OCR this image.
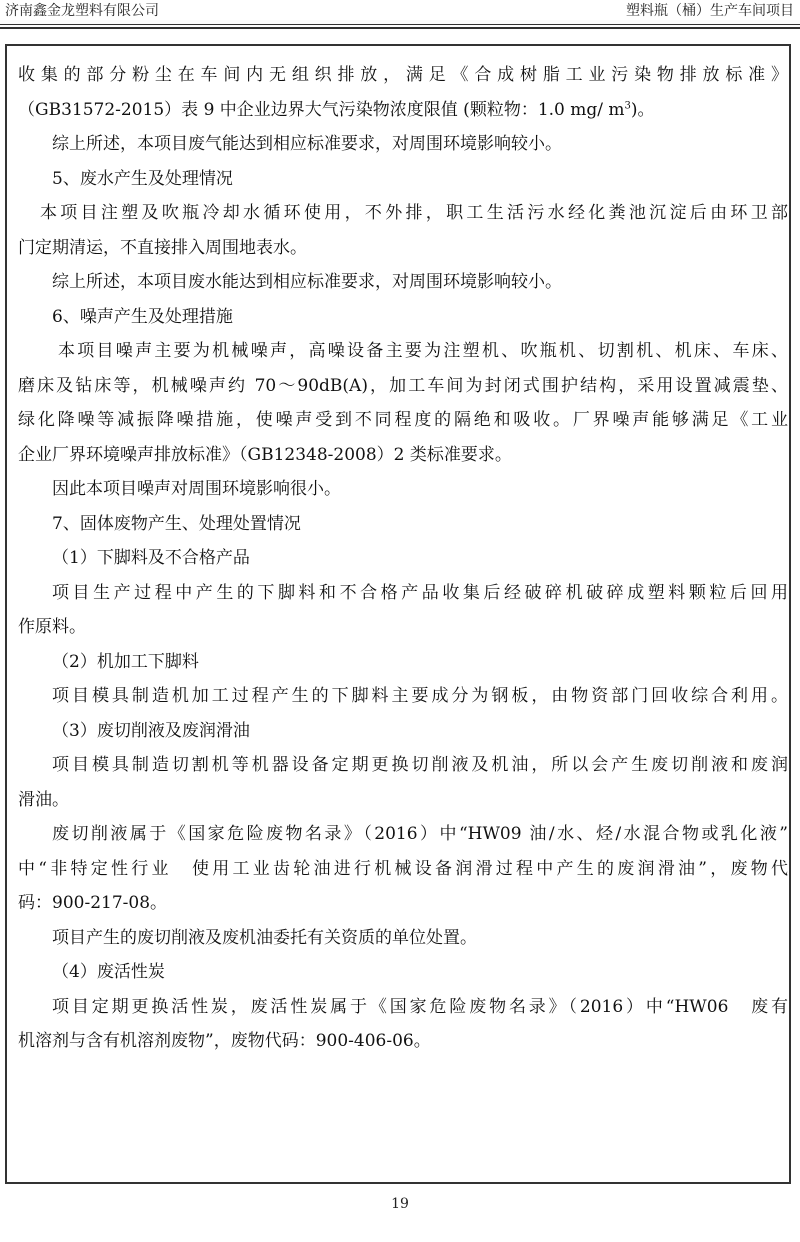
济南鑫金龙塑料有限公司	塑料瓶（桶）生产车间项目
收集的部分粉尘在车间内无组织排放，满足《合成树脂工业污染物排放标准》
（GB31572-2015）表 9 中企业边界大气污染物浓度限值 (颗粒物：1.0 mg/ $m^3$)。
综上所述，本项目废气能达到相应标准要求，对周围环境影响较小。
5、废水产生及处理情况
本项目注塑及吹瓶冷却水循环使用，不外排，职工生活污水经化粪池沉淀后由环卫部
门定期清运，不直接排入周围地表水。
综上所述，本项目废水能达到相应标准要求，对周围环境影响较小。
6、噪声产生及处理措施
本项目噪声主要为机械噪声，高噪设备主要为注塑机、吹瓶机、切割机、机床、车床、
磨床及钻床等，机械噪声约 70～90dB(A)，加工车间为封闭式围护结构，采用设置减震垫、
绿化降噪等减振降噪措施，使噪声受到不同程度的隔绝和吸收。厂界噪声能够满足《工业
企业厂界环境噪声排放标准》（GB12348-2008）2 类标准要求。
因此本项目噪声对周围环境影响很小。
7、固体废物产生、处理处置情况
（1）下脚料及不合格产品
项目生产过程中产生的下脚料和不合格产品收集后经破碎机破碎成塑料颗粒后回用
作原料。
（2）机加工下脚料
项目模具制造机加工过程产生的下脚料主要成分为钢板，由物资部门回收综合利用。
（3）废切削液及废润滑油
项目模具制造切割机等机器设备定期更换切削液及机油，所以会产生废切削液和废润
滑油。
废切削液属于《国家危险废物名录》（2016）中“HW09 油/水、烃/水混合物或乳化液”
中“非特定性行业　使用工业齿轮油进行机械设备润滑过程中产生的废润滑油”，废物代
码：900-217-08。
项目产生的废切削液及废机油委托有关资质的单位处置。
（4）废活性炭
项目定期更换活性炭，废活性炭属于《国家危险废物名录》（2016）中“HW06　废有
机溶剂与含有机溶剂废物”，废物代码：900-406-06。
19
